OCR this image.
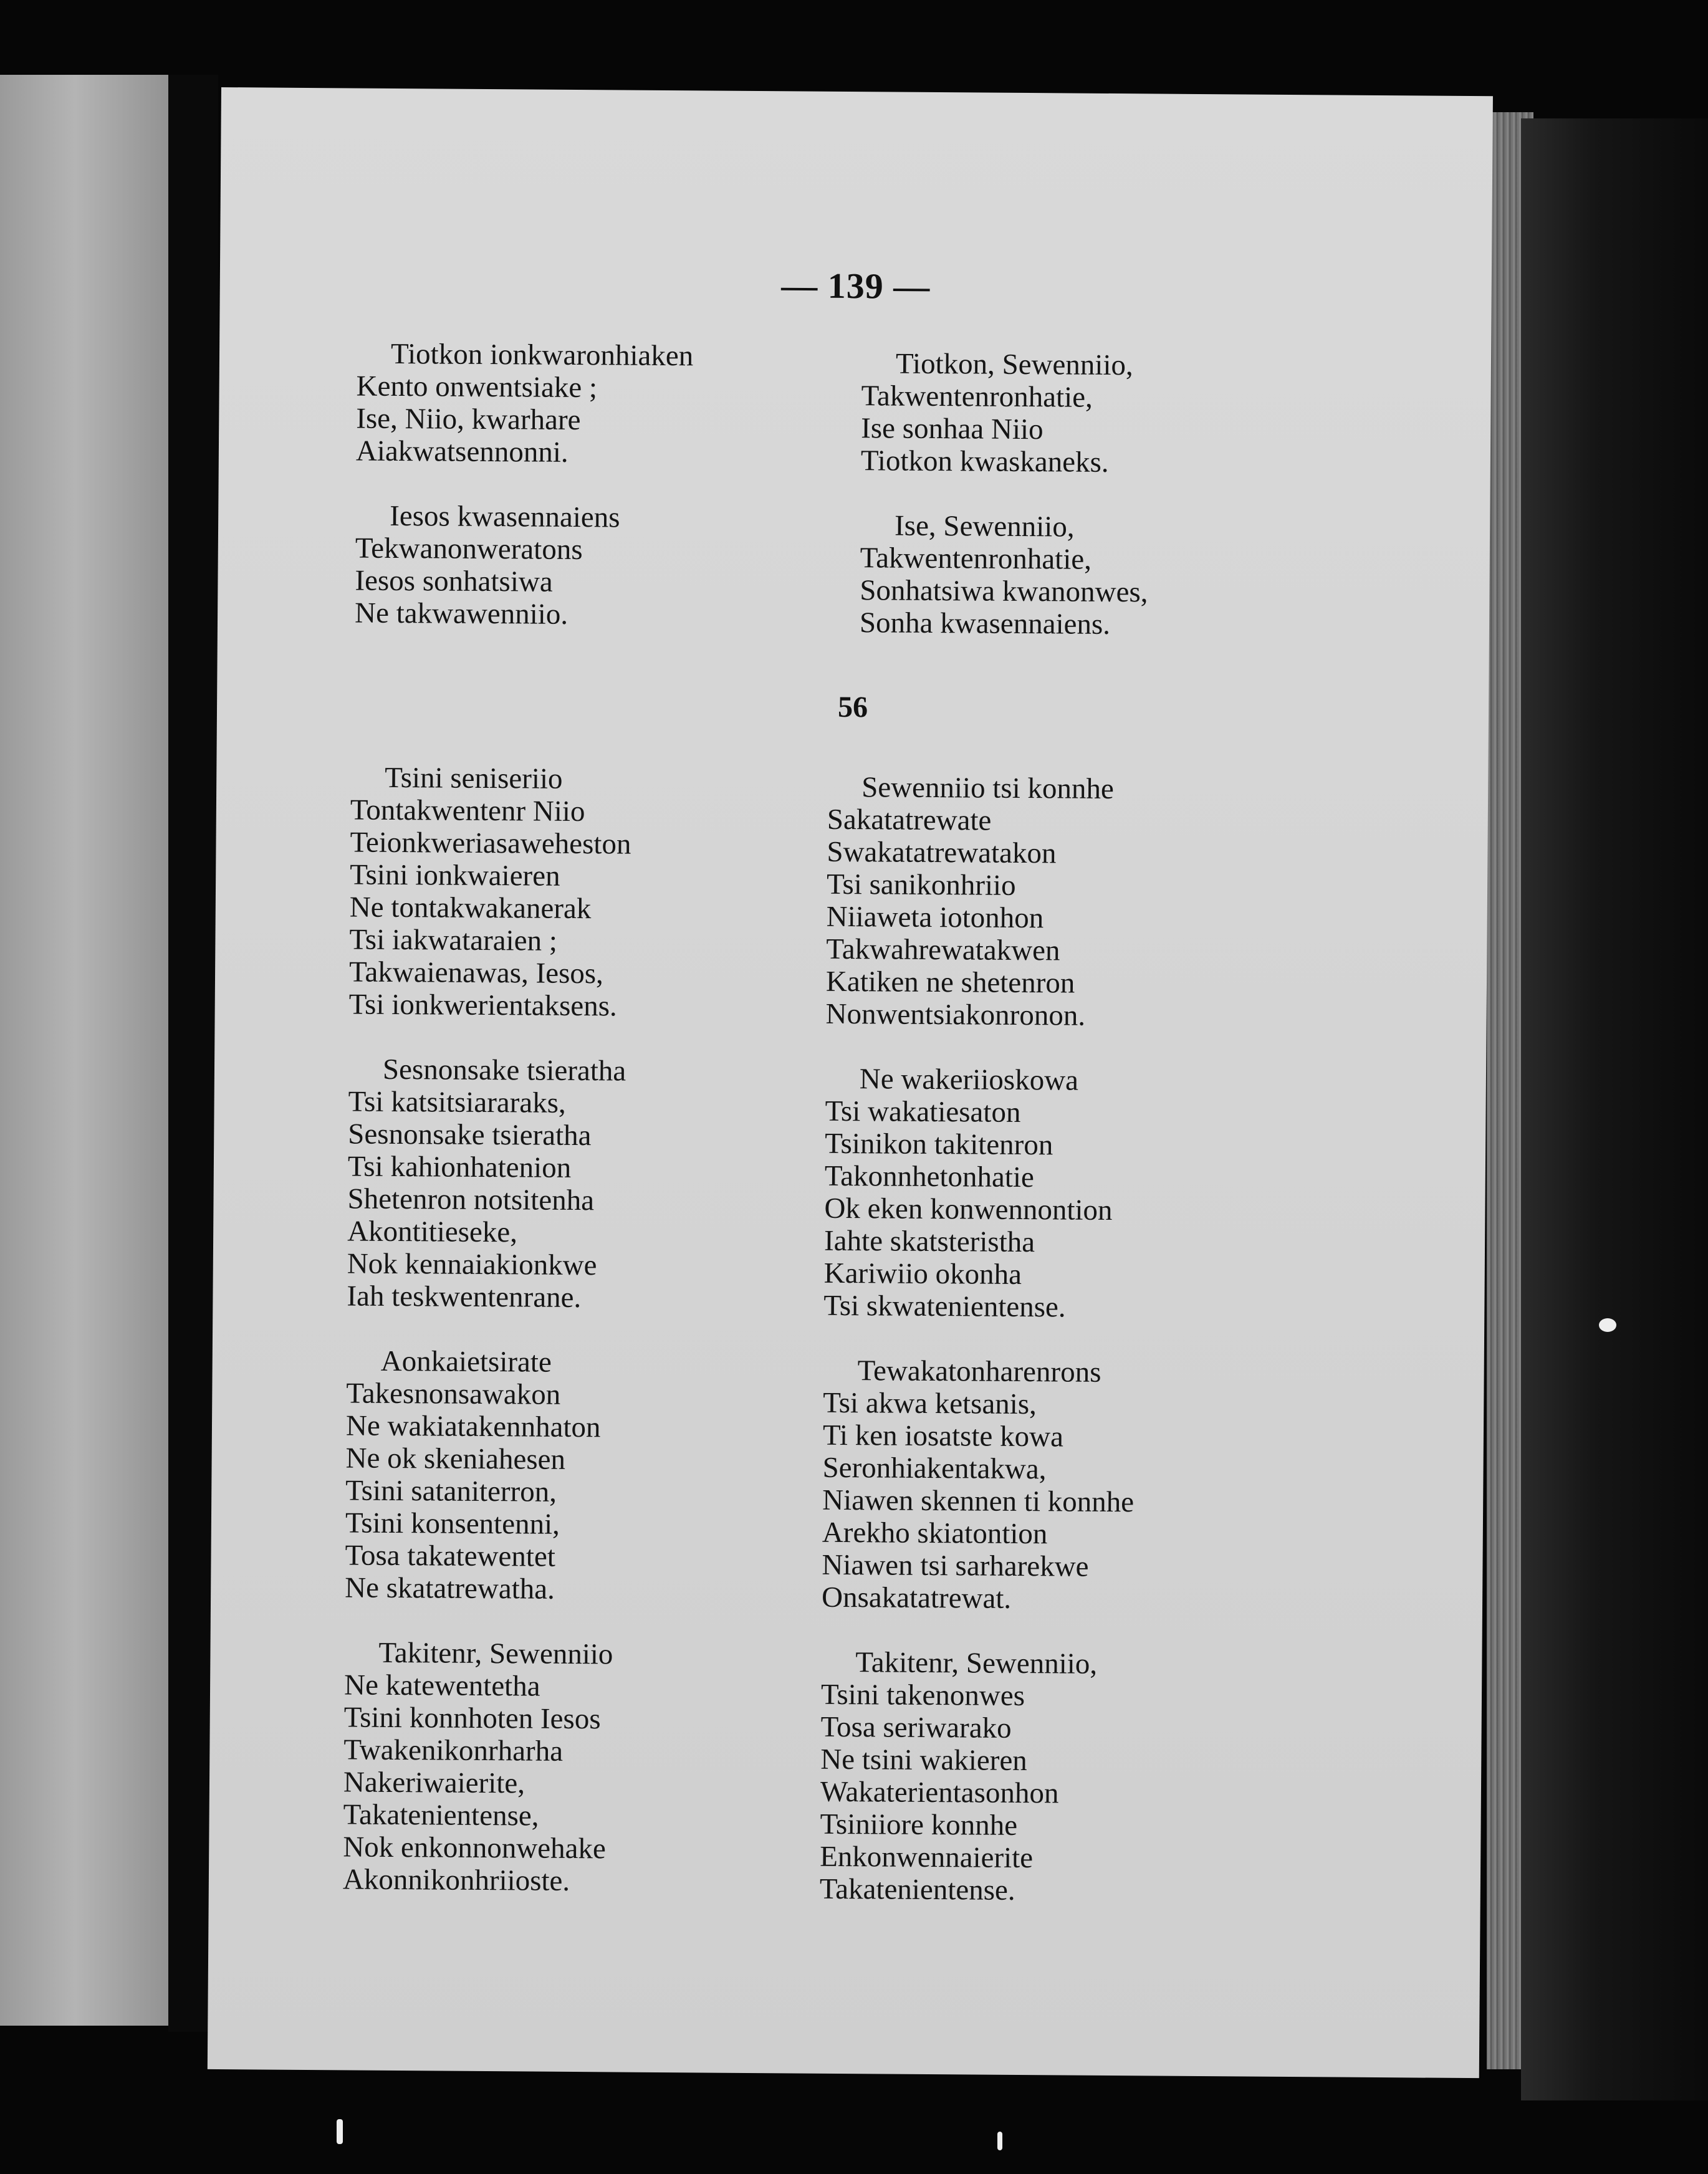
— 139 —
Tiotkon ionkwaronhiaken
Kento onwentsiake ;
Ise, Niio, kwarhare
Aiakwatsennonni.
Iesos kwasennaiens
Tekwanonweratons
Iesos sonhatsiwa
Ne takwawenniio.
Tiotkon, Sewenniio,
Takwentenronhatie,
Ise sonhaa Niio
Tiotkon kwaskaneks.
Ise, Sewenniio,
Takwentenronhatie,
Sonhatsiwa kwanonwes,
Sonha kwasennaiens.
56
Tsini seniseriio
Tontakwentenr Niio
Teionkweriasaweheston
Tsini ionkwaieren
Ne tontakwakanerak
Tsi iakwataraien ;
Takwaienawas, Iesos,
Tsi ionkwerientaksens.
Sesnonsake tsieratha
Tsi katsitsiararaks,
Sesnonsake tsieratha
Tsi kahionhatenion
Shetenron notsitenha
Akontitieseke,
Nok kennaiakionkwe
Iah teskwentenrane.
Aonkaietsirate
Takesnonsawakon
Ne wakiatakennhaton
Ne ok skeniahesen
Tsini sataniterron,
Tsini konsentenni,
Tosa takatewentet
Ne skatatrewatha.
Takitenr, Sewenniio
Ne katewentetha
Tsini konnhoten Iesos
Twakenikonrharha
Nakeriwaierite,
Takatenientense,
Nok enkonnonwehake
Akonnikonhriioste.
Sewenniio tsi konnhe
Sakatatrewate
Swakatatrewatakon
Tsi sanikonhriio
Niiaweta iotonhon
Takwahrewatakwen
Katiken ne shetenron
Nonwentsiakonronon.
Ne wakeriioskowa
Tsi wakatiesaton
Tsinikon takitenron
Takonnhetonhatie
Ok eken konwennontion
Iahte skatsteristha
Kariwiio okonha
Tsi skwatenientense.
Tewakatonharenrons
Tsi akwa ketsanis,
Ti ken iosatste kowa
Seronhiakentakwa,
Niawen skennen ti konnhe
Arekho skiatontion
Niawen tsi sarharekwe
Onsakatatrewat.
Takitenr, Sewenniio,
Tsini takenonwes
Tosa seriwarako
Ne tsini wakieren
Wakaterientasonhon
Tsiniiore konnhe
Enkonwennaierite
Takatenientense.
